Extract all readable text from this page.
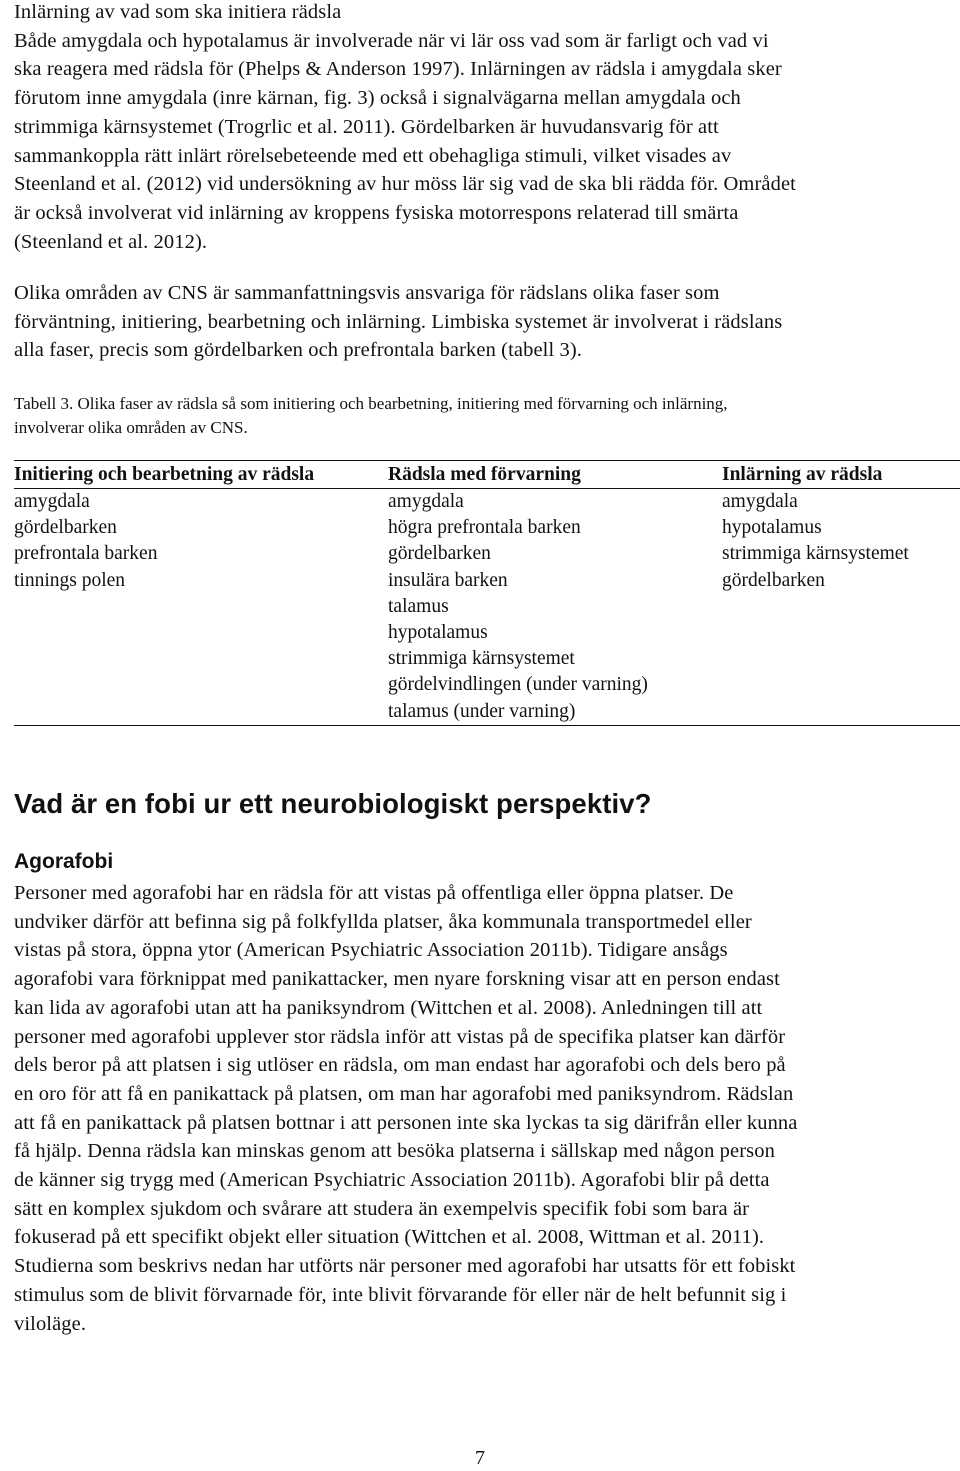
Inlärning av vad som ska initiera rädsla
Både amygdala och hypotalamus är involverade när vi lär oss vad som är farligt och vad vi
ska reagera med rädsla för (Phelps & Anderson 1997). Inlärningen av rädsla i amygdala sker
förutom inne amygdala (inre kärnan, fig. 3) också i signalvägarna mellan amygdala och
strimmiga kärnsystemet (Trogrlic et al. 2011). Gördelbarken är huvudansvarig för att
sammankoppla rätt inlärt rörelsebeteende med ett obehagliga stimuli, vilket visades av
Steenland et al. (2012) vid undersökning av hur möss lär sig vad de ska bli rädda för. Området
är också involverat vid inlärning av kroppens fysiska motorrespons relaterad till smärta
(Steenland et al. 2012).
Olika områden av CNS är sammanfattningsvis ansvariga för rädslans olika faser som
förväntning, initiering, bearbetning och inlärning. Limbiska systemet är involverat i rädslans
alla faser, precis som gördelbarken och prefrontala barken (tabell 3).
Tabell 3. Olika faser av rädsla så som initiering och bearbetning, initiering med förvarning och inlärning,
involverar olika områden av CNS.
Initiering och bearbetning av rädsla	Rädsla med förvarning	Inlärning av rädsla
amygdala	amygdala	amygdala
gördelbarken	högra prefrontala barken	hypotalamus
prefrontala barken	gördelbarken	strimmiga kärnsystemet
tinnings polen	insulära barken	gördelbarken
	talamus	
	hypotalamus	
	strimmiga kärnsystemet	
	gördelvindlingen (under varning)	
	talamus (under varning)	
Vad är en fobi ur ett neurobiologiskt perspektiv?
Agorafobi
Personer med agorafobi har en rädsla för att vistas på offentliga eller öppna platser. De
undviker därför att befinna sig på folkfyllda platser, åka kommunala transportmedel eller
vistas på stora, öppna ytor (American Psychiatric Association 2011b). Tidigare ansågs
agorafobi vara förknippat med panikattacker, men nyare forskning visar att en person endast
kan lida av agorafobi utan att ha paniksyndrom (Wittchen et al. 2008). Anledningen till att
personer med agorafobi upplever stor rädsla inför att vistas på de specifika platser kan därför
dels beror på att platsen i sig utlöser en rädsla, om man endast har agorafobi och dels bero på
en oro för att få en panikattack på platsen, om man har agorafobi med paniksyndrom. Rädslan
att få en panikattack på platsen bottnar i att personen inte ska lyckas ta sig därifrån eller kunna
få hjälp. Denna rädsla kan minskas genom att besöka platserna i sällskap med någon person
de känner sig trygg med (American Psychiatric Association 2011b). Agorafobi blir på detta
sätt en komplex sjukdom och svårare att studera än exempelvis specifik fobi som bara är
fokuserad på ett specifikt objekt eller situation (Wittchen et al. 2008, Wittman et al. 2011).
Studierna som beskrivs nedan har utförts när personer med agorafobi har utsatts för ett fobiskt
stimulus som de blivit förvarnade för, inte blivit förvarande för eller när de helt befunnit sig i
viloläge.
7
